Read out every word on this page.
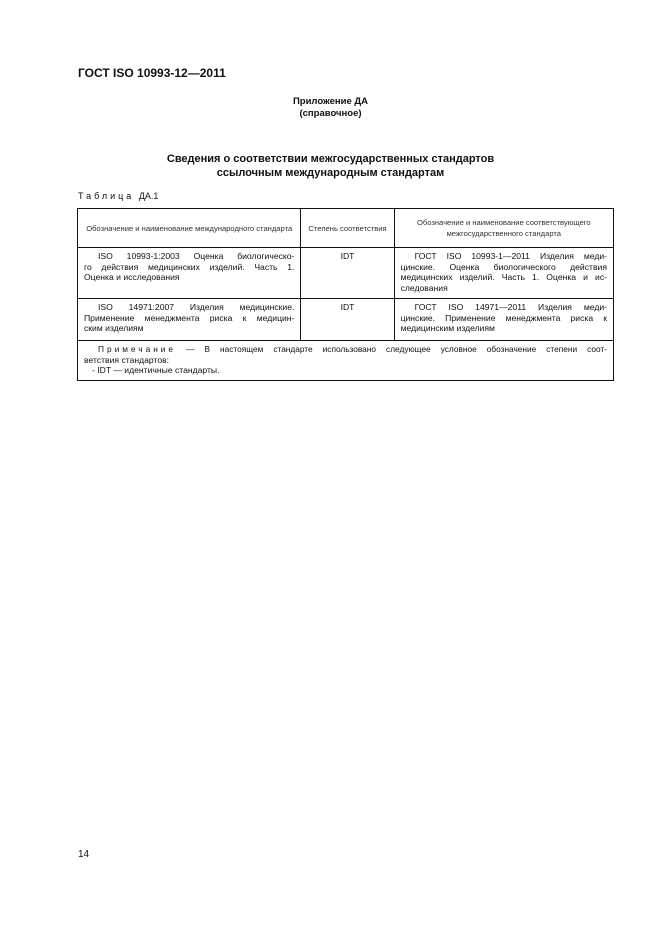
ГОСТ ISO 10993-12—2011
Приложение ДА
(справочное)
Сведения о соответствии межгосударственных стандартов
ссылочным международным стандартам
Таблица ДА.1
Обозначение и наименование международного стандарта	Степень соответствия	Обозначение и наименование соответствующего межгосударственного стандарта

ISO 10993-1:2003 Оценка биологическо-
го действия медицинских изделий. Часть 1.
Оценка и исследования	IDT	ГОСТ ISO 10993-1—2011 Изделия меди-
цинские. Оценка биологического действия
медицинских изделий. Часть 1. Оценка и ис-
следования

ISO 14971:2007 Изделия медицинские.
Применение менеджмента риска к медицин-
ским изделиям	IDT	ГОСТ ISO 14971—2011 Изделия меди-
цинские. Применение менеджмента риска к
медицинским изделиям

Примечание — В настоящем стандарте использовано следующее условное обозначение степени соот-
ветствия стандартов:
- IDT — идентичные стандарты.		
14
